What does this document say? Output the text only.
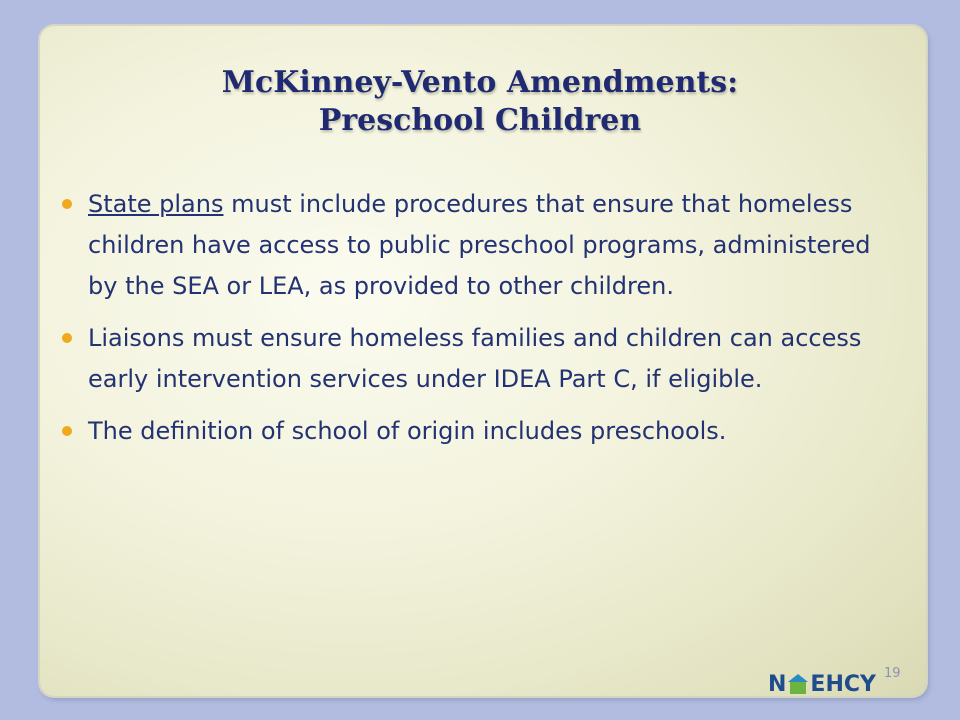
McKinney-Vento Amendments:
Preschool Children
State plans must include procedures that ensure that homeless children have access to public preschool programs, administered by the SEA or LEA, as provided to other children.
Liaisons must ensure homeless families and children can access early intervention services under IDEA Part C, if eligible.
The definition of school of origin includes preschools.
19
N EHCY
